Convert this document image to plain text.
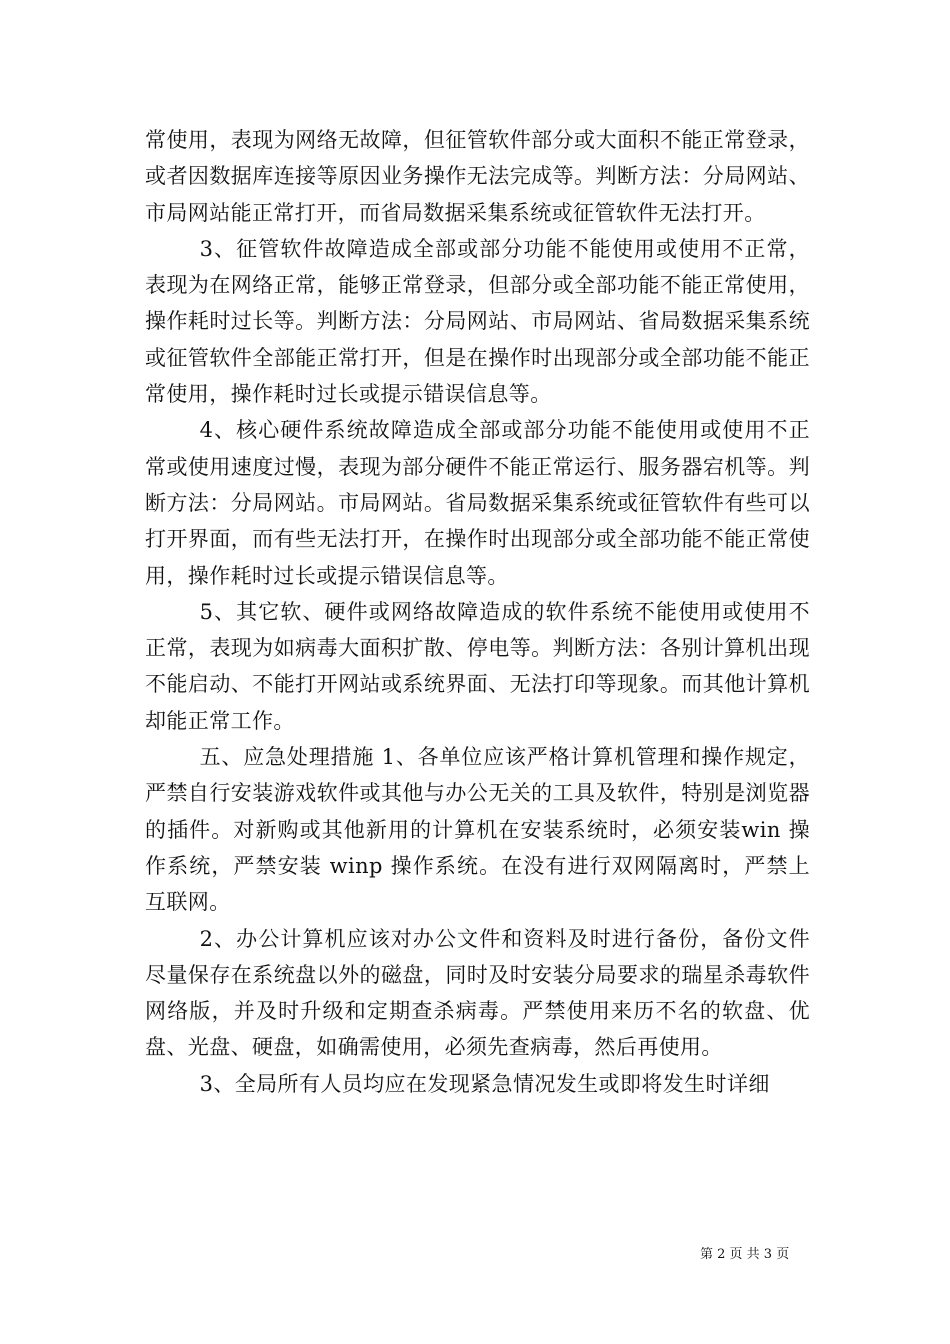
常使用，表现为网络无故障，但征管软件部分或大面积不能正常登录，或者因数据库连接等原因业务操作无法完成等。判断方法：分局网站、市局网站能正常打开，而省局数据采集系统或征管软件无法打开。

3、征管软件故障造成全部或部分功能不能使用或使用不正常，表现为在网络正常，能够正常登录，但部分或全部功能不能正常使用，操作耗时过长等。判断方法：分局网站、市局网站、省局数据采集系统或征管软件全部能正常打开，但是在操作时出现部分或全部功能不能正常使用，操作耗时过长或提示错误信息等。

4、核心硬件系统故障造成全部或部分功能不能使用或使用不正常或使用速度过慢，表现为部分硬件不能正常运行、服务器宕机等。判断方法：分局网站。市局网站。省局数据采集系统或征管软件有些可以打开界面，而有些无法打开，在操作时出现部分或全部功能不能正常使用，操作耗时过长或提示错误信息等。

5、其它软、硬件或网络故障造成的软件系统不能使用或使用不正常，表现为如病毒大面积扩散、停电等。判断方法：各别计算机出现不能启动、不能打开网站或系统界面、无法打印等现象。而其他计算机却能正常工作。

五、应急处理措施 1、各单位应该严格计算机管理和操作规定，严禁自行安装游戏软件或其他与办公无关的工具及软件，特别是浏览器的插件。对新购或其他新用的计算机在安装系统时，必须安装win 操作系统，严禁安装 winp 操作系统。在没有进行双网隔离时，严禁上互联网。

2、办公计算机应该对办公文件和资料及时进行备份，备份文件尽量保存在系统盘以外的磁盘，同时及时安装分局要求的瑞星杀毒软件网络版，并及时升级和定期查杀病毒。严禁使用来历不名的软盘、优盘、光盘、硬盘，如确需使用，必须先查病毒，然后再使用。

3、全局所有人员均应在发现紧急情况发生或即将发生时详细

第 2 页 共 3 页
